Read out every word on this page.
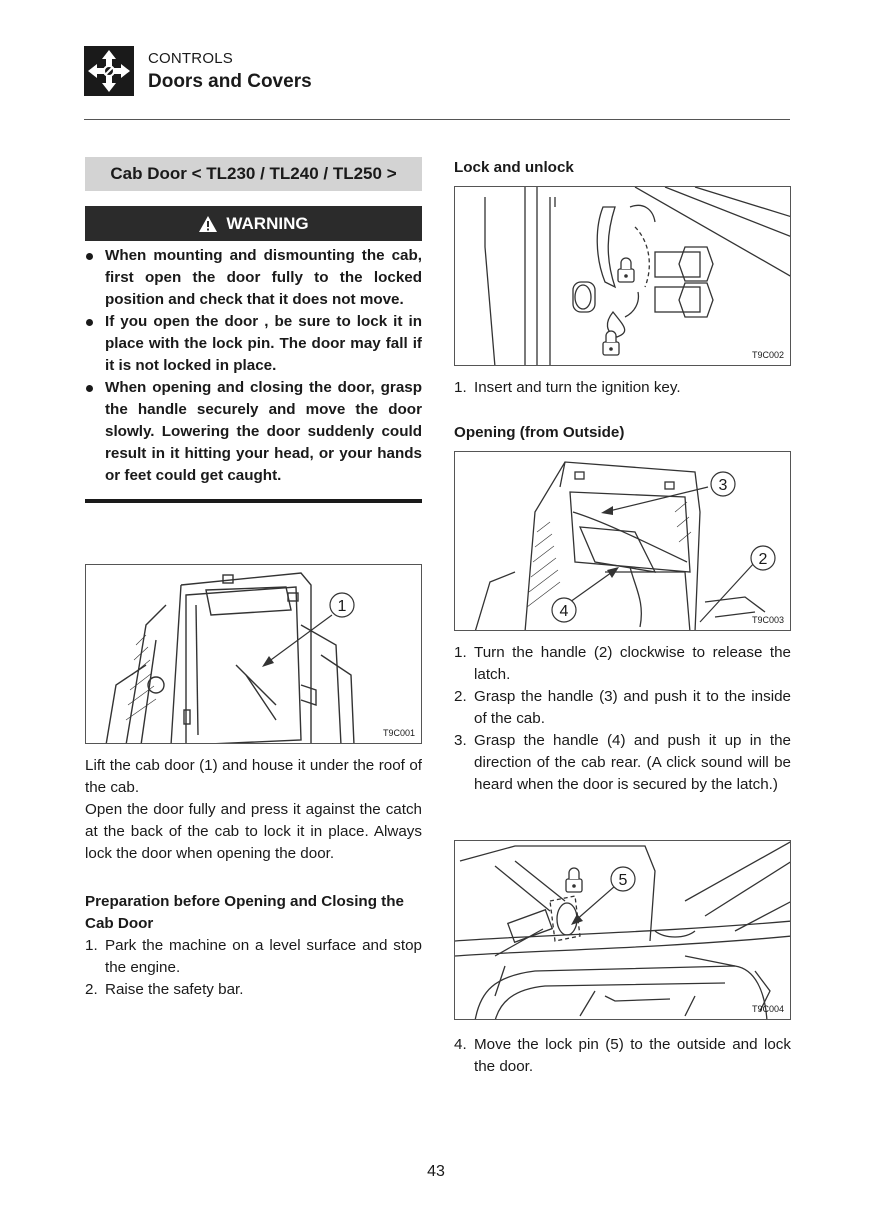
CONTROLS
Doors and Covers
Cab Door < TL230 / TL240 / TL250 >
WARNING
When mounting and dismounting the cab, first open the door fully to the locked position and check that it does not move.
If you open the door , be sure to lock it in place with the lock pin. The door may fall if it is not locked in place.
When opening and closing the door, grasp the handle securely and move the door slowly. Lowering the door suddenly could result in it hitting your head, or your hands or feet could get caught.
1
T9C001

Lift the cab door (1) and house it under the roof of the cab.

Open the door fully and press it against the catch at the back of the cab to lock it in place. Always lock the door when opening the door.

Preparation before Opening and Closing the Cab Door

1. Park the machine on a level surface and stop the engine.
2. Raise the safety bar.
Lock and unlock
T9C002
1. Insert and turn the ignition key.
Opening (from Outside)
3
2
4	T9C003
1. Turn the handle (2) clockwise to release the latch.
2. Grasp the handle (3) and push it to the inside of the cab.
3. Grasp the handle (4) and push it up in the direction of the cab rear. (A click sound will be heard when the door is secured by the latch.)
5
T9C004
4. Move the lock pin (5) to the outside and lock the door.
43
